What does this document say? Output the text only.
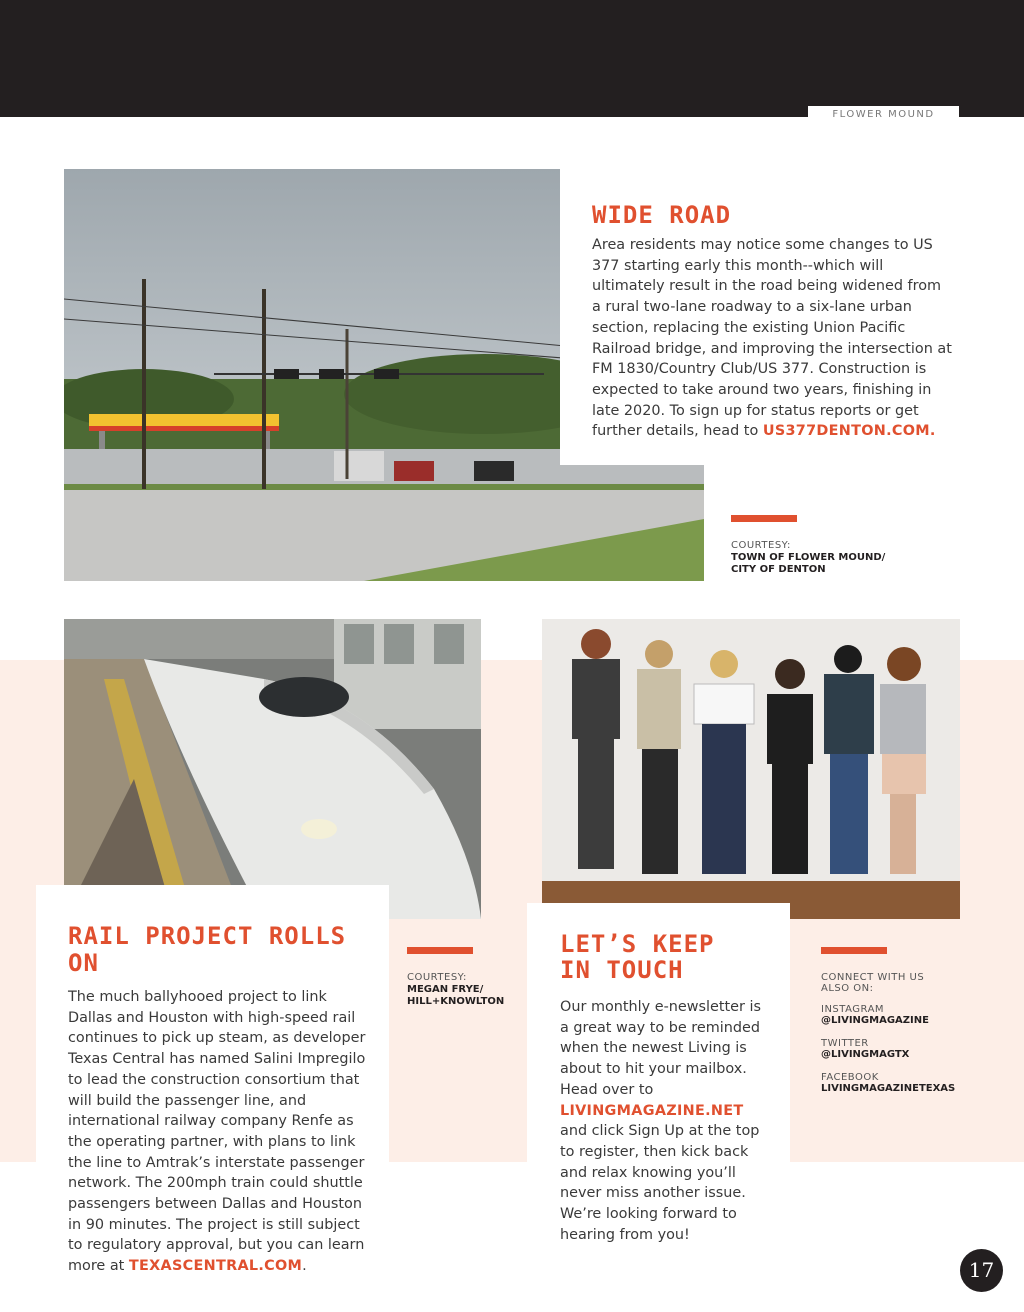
FLOWER MOUND
WIDE ROAD

Area residents may notice some changes to US 377 starting early this month--which will ultimately result in the road being widened from a rural two-lane roadway to a six-lane urban section, replacing the existing Union Pacific Railroad bridge, and improving the intersection at FM 1830/Country Club/US 377. Construction is expected to take around two years, finishing in late 2020. To sign up for status reports or get further details, head to US377DENTON.COM.

COURTESY:
TOWN OF FLOWER MOUND/
CITY OF DENTON
RAIL PROJECT ROLLS ON

The much ballyhooed project to link Dallas and Houston with high-speed rail continues to pick up steam, as developer Texas Central has named Salini Impregilo to lead the construction consortium that will build the passenger line, and international railway company Renfe as the operating partner, with plans to link the line to Amtrak’s interstate passenger network. The 200mph train could shuttle passengers between Dallas and Houston in 90 minutes. The project is still subject to regulatory approval, but you can learn more at TEXASCENTRAL.COM.

COURTESY:
MEGAN FRYE/
HILL+KNOWLTON
LET’S KEEP
IN TOUCH

Our monthly e-newsletter is a great way to be reminded when the newest Living is about to hit your mailbox. Head over to
LIVINGMAGAZINE.NET
and click Sign Up at the top to register, then kick back and relax knowing you’ll never miss another issue. We’re looking forward to hearing from you!

CONNECT WITH US
ALSO ON:
INSTAGRAM
@LIVINGMAGAZINE
TWITTER
@LIVINGMAGTX
FACEBOOK
LIVINGMAGAZINETEXAS
17
